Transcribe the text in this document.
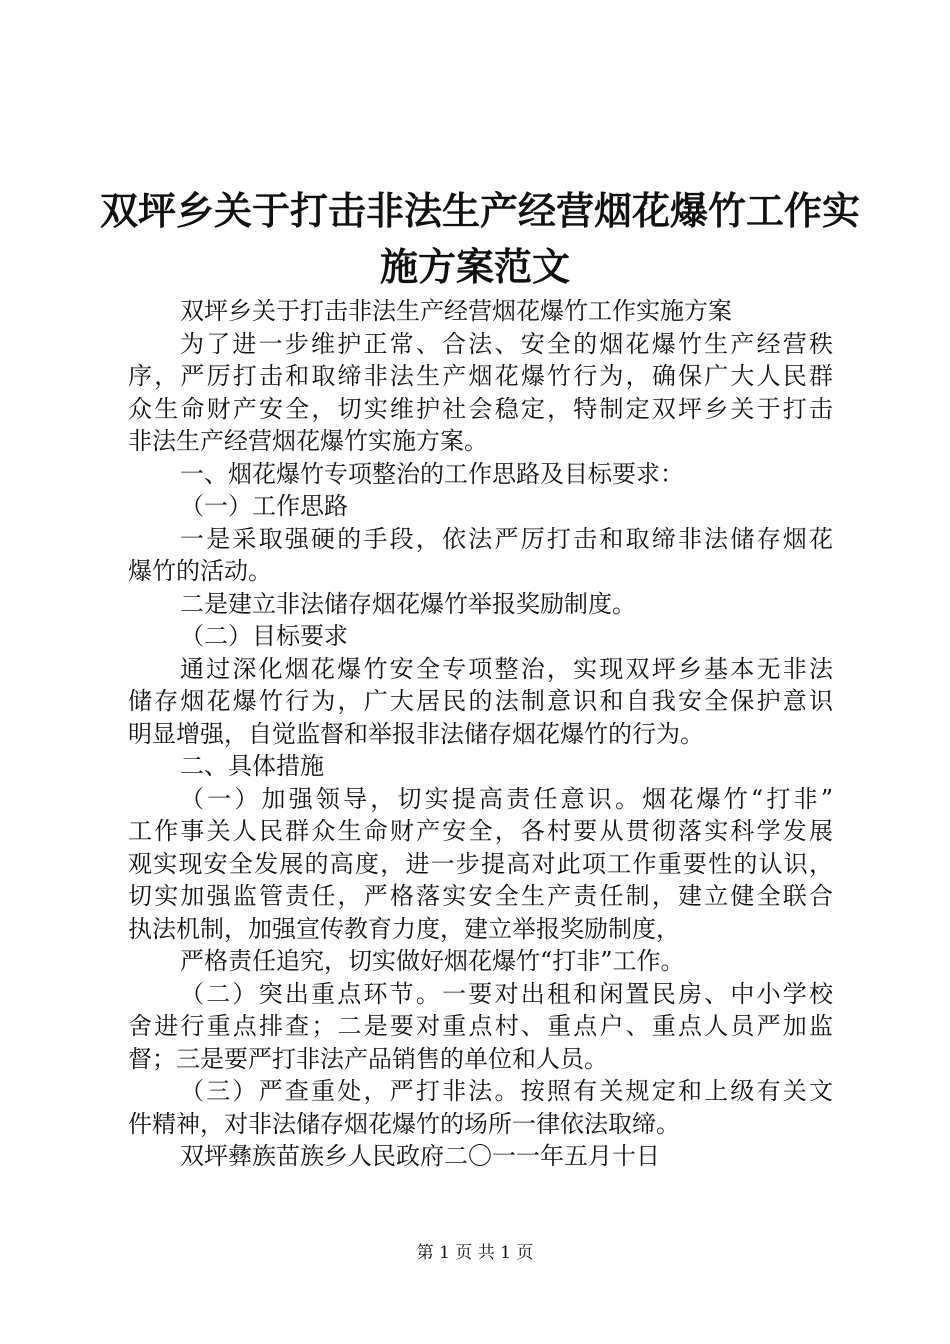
双坪乡关于打击非法生产经营烟花爆竹工作实
施方案范文
双坪乡关于打击非法生产经营烟花爆竹工作实施方案
为了进一步维护正常、合法、安全的烟花爆竹生产经营秩
序，严厉打击和取缔非法生产烟花爆竹行为，确保广大人民群
众生命财产安全，切实维护社会稳定，特制定双坪乡关于打击
非法生产经营烟花爆竹实施方案。
一、烟花爆竹专项整治的工作思路及目标要求：
（一）工作思路
一是采取强硬的手段，依法严厉打击和取缔非法储存烟花
爆竹的活动。
二是建立非法储存烟花爆竹举报奖励制度。
（二）目标要求
通过深化烟花爆竹安全专项整治，实现双坪乡基本无非法
储存烟花爆竹行为，广大居民的法制意识和自我安全保护意识
明显增强，自觉监督和举报非法储存烟花爆竹的行为。
二、具体措施
（一）加强领导，切实提高责任意识。烟花爆竹“打非”
工作事关人民群众生命财产安全，各村要从贯彻落实科学发展
观实现安全发展的高度，进一步提高对此项工作重要性的认识，
切实加强监管责任，严格落实安全生产责任制，建立健全联合
执法机制，加强宣传教育力度，建立举报奖励制度，
严格责任追究，切实做好烟花爆竹“打非”工作。
（二）突出重点环节。一要对出租和闲置民房、中小学校
舍进行重点排查；二是要对重点村、重点户、重点人员严加监
督；三是要严打非法产品销售的单位和人员。
（三）严查重处，严打非法。按照有关规定和上级有关文
件精神，对非法储存烟花爆竹的场所一律依法取缔。
双坪彝族苗族乡人民政府二〇一一年五月十日
第 1 页 共 1 页
